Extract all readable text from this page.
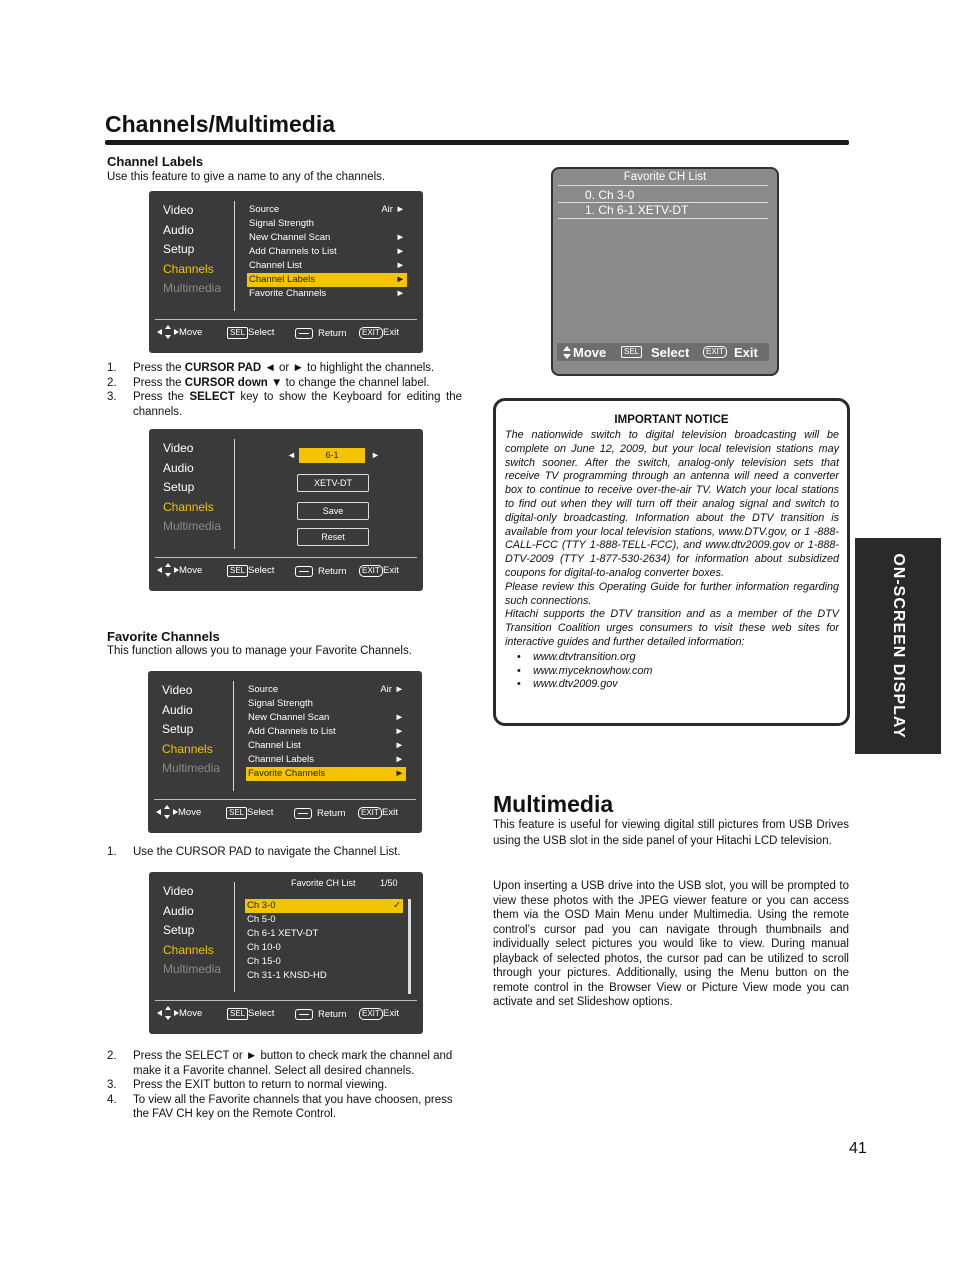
Channels/Multimedia
Channel Labels
Use this feature to give a name to any of the channels.
Video
Audio
Setup
Channels
Multimedia
Source	Air ►
Signal Strength
New Channel Scan	►
Add Channels to List	►
Channel List	►
Channel Labels	►
Favorite Channels	►
Move	SEL Select	Return	EXIT Exit
1. Press the CURSOR PAD ◄ or ► to highlight the channels.
2. Press the CURSOR down ▼ to change the channel label.
3. Press the SELECT key to show the Keyboard for editing the channels.
Video
Audio
Setup
Channels
Multimedia
◄	6-1	►
XETV-DT
Save
Reset
Move	SEL Select	Return	EXIT Exit
Favorite Channels
This function allows you to manage your Favorite Channels.
Video
Audio
Setup
Channels
Multimedia
Source	Air ►
Signal Strength
New Channel Scan	►
Add Channels to List	►
Channel List	►
Channel Labels	►
Favorite Channels	►
Move	SEL Select	Return	EXIT Exit
1. Use the CURSOR PAD to navigate the Channel List.
Video
Audio
Setup
Channels
Multimedia
Favorite CH List	1/50
Ch 3-0	✓
Ch 5-0
Ch 6-1 XETV-DT
Ch 10-0
Ch 15-0
Ch 31-1 KNSD-HD
Move	SEL Select	Return	EXIT Exit
2. Press the SELECT or ► button to check mark the channel and make it a Favorite channel. Select all desired channels.
3. Press the EXIT button to return to normal viewing.
4. To view all the Favorite channels that you have choosen, press the FAV CH key on the Remote Control.
Favorite CH List
0. Ch 3-0
1. Ch 6-1 XETV-DT
Move	SEL Select	EXIT Exit
IMPORTANT NOTICE
The nationwide switch to digital television broadcasting will be complete on June 12, 2009, but your local television stations may switch sooner. After the switch, analog-only television sets that receive TV programming through an antenna will need a converter box to continue to receive over-the-air TV. Watch your local stations to find out when they will turn off their analog signal and switch to digital-only broadcasting. Information about the DTV transition is available from your local television stations, www.DTV.gov, or 1 -888-CALL-FCC (TTY 1-888-TELL-FCC), and www.dtv2009.gov or 1-888-DTV-2009 (TTY 1-877-530-2634) for information about subsidized coupons for digital-to-analog converter boxes.
Please review this Operating Guide for further information regarding such connections.
Hitachi supports the DTV transition and as a member of the DTV Transition Coalition urges consumers to visit these web sites for interactive guides and further detailed information:
• www.dtvtransition.org
• www.myceknowhow.com
• www.dtv2009.gov	ON-SCREEN DISPLAY
Multimedia
This feature is useful for viewing digital still pictures from USB Drives using the USB slot in the side panel of your Hitachi LCD television.
Upon inserting a USB drive into the USB slot, you will be prompted to view these photos with the JPEG viewer feature or you can access them via the OSD Main Menu under Multimedia. Using the remote control’s cursor pad you can navigate through thumbnails and individually select pictures you would like to view. During manual playback of selected photos, the cursor pad can be utilized to scroll through your pictures. Additionally, using the Menu button on the remote control in the Browser View or Picture View mode you can activate and set Slideshow options.
41
